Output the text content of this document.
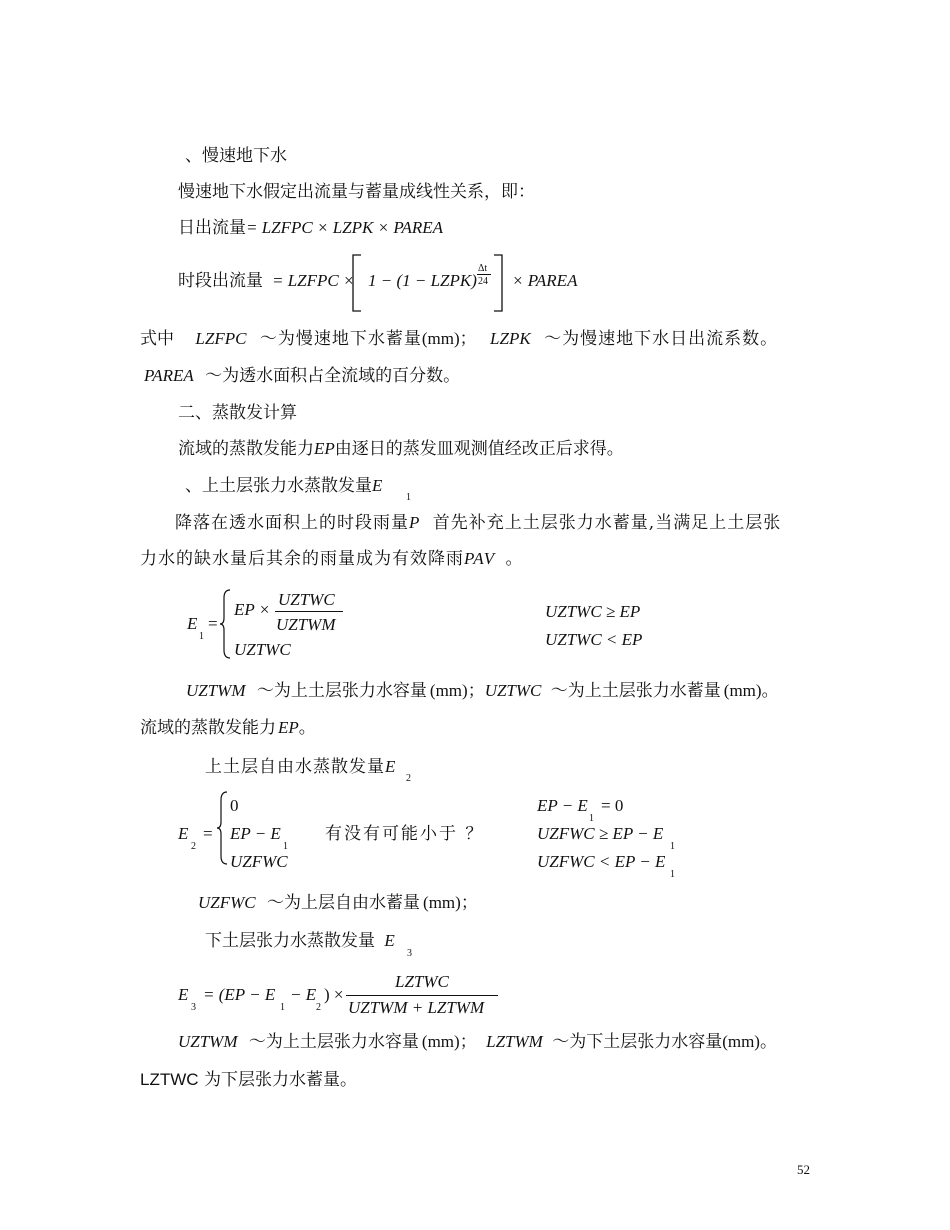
、慢速地下水
慢速地下水假定出流量与蓄量成线性关系，即：
日出流量= LZFPC × LZPK × PAREA
时段出流量 = LZFPC × 1 − (1 − LZPK)
Δt
24 × PAREA
式中 LZFPC ～为慢速地下水蓄量(mm)； LZPK ～为慢速地下水日出流系数。
PAREA ～为透水面积占全流域的百分数。
二、蒸散发计算
流域的蒸散发能力EP由逐日的蒸发皿观测值经改正后求得。
、上土层张力水蒸散发量E
1
降落在透水面积上的时段雨量P 首先补充上土层张力水蓄量,当满足上土层张
力水的缺水量后其余的雨量成为有效降雨PAV 。
E
1
=
EP ×
UZTWC
UZTWM
UZTWC
UZTWC ≥ EP
UZTWC < EP
UZTWM ～为上土层张力水容量 (mm)；UZTWC ～为上土层张力水蓄量 (mm)。
流域的蒸散发能力 EP。
上土层自由水蒸散发量E
2
E
2
=
0
EP − E
1
有没有可能小于 ？
UZFWC
EP − E
1
= 0
UZFWC ≥ EP − E
1
UZFWC < EP − E
1
UZFWC ～为上层自由水蓄量 (mm)；
下土层张力水蒸散发量 E
3
E
3
= (EP − E
1
− E
2
) ×
LZTWC
UZTWM + LZTWM
UZTWM ～为上土层张力水容量 (mm)； LZTWM ～为下土层张力水容量(mm)。
LZTWC 为下层张力水蓄量。
52
